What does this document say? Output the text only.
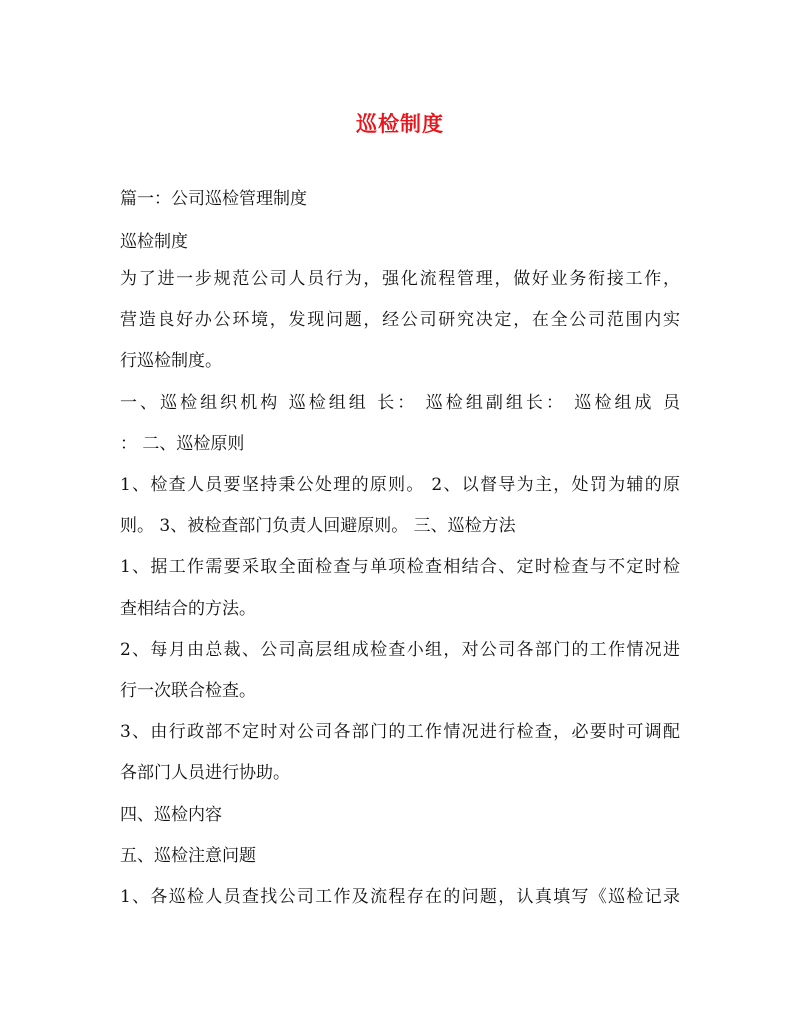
巡检制度
篇一：公司巡检管理制度
巡检制度
为了进一步规范公司人员行为，强化流程管理，做好业务衔接工作，
营造良好办公环境，发现问题，经公司研究决定，在全公司范围内实
行巡检制度。
一、巡检组织机构 巡检组组 长： 巡检组副组长： 巡检组成 员
： 二、巡检原则
1、检查人员要坚持秉公处理的原则。 2、以督导为主，处罚为辅的原
则。 3、被检查部门负责人回避原则。 三、巡检方法
1、据工作需要采取全面检查与单项检查相结合、定时检查与不定时检
查相结合的方法。
2、每月由总裁、公司高层组成检查小组，对公司各部门的工作情况进
行一次联合检查。
3、由行政部不定时对公司各部门的工作情况进行检查，必要时可调配
各部门人员进行协助。
四、巡检内容
五、巡检注意问题
1、各巡检人员查找公司工作及流程存在的问题，认真填写《巡检记录
